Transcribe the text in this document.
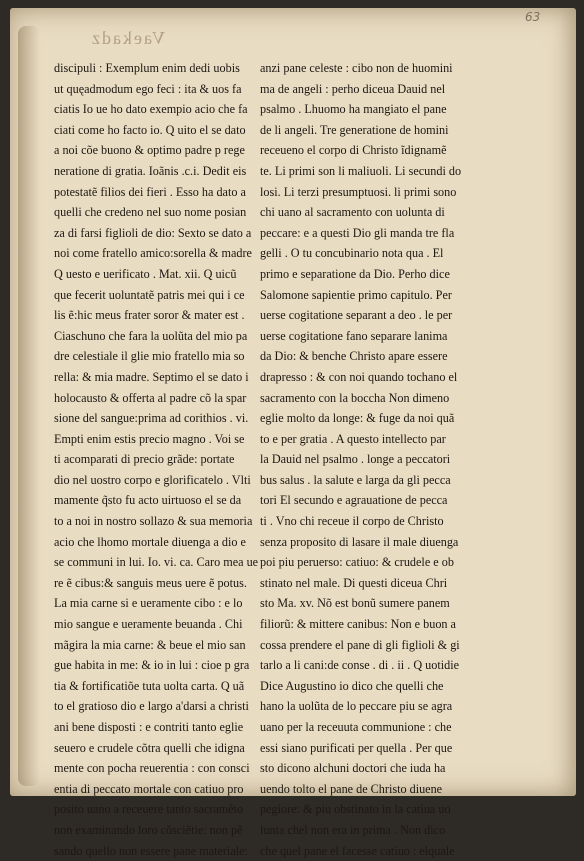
63
Vaekadz
discipuli : Exemplum enim dedi uobis
ut quęadmodum ego feci : ita & uos fa
ciatis Io ue ho dato exempio acio che fa
ciati come ho facto io. Q uito el se dato
a noi cõe buono & optimo padre p rege
neratione di gratia. Ioãnis .c.i. Dedit eis
potestatẽ filios dei fieri . Esso ha dato a
quelli che credeno nel suo nome posian
za di farsi figlioli de dio: Sexto se dato a
noi come fratello amico:sorella & madre
Q uesto e uerificato . Mat. xii. Q uicũ
que fecerit uoluntatẽ patris mei qui i ce
lis ẽ:hic meus frater soror & mater est .
Ciaschuno che fara la uolũta del mio pa
dre celestiale il glie mio fratello mia so
rella: & mia madre. Septimo el se dato i
holocausto & offerta al padre cõ la spar
sione del sangue:prima ad corithios . vi.
Empti enim estis precio magno . Voi se
ti acomparati di precio grãde: portate
dio nel uostro corpo e glorificatelo . Vlti
mamente q̃sto fu acto uirtuoso el se da
to a noi in nostro sollazo & sua memoria
acio che lhomo mortale diuenga a dio e
se communi in lui. Io. vi. ca. Caro mea ue
re ẽ cibus:& sanguis meus uere ẽ potus.
La mia carne si e ueramente cibo : e lo
mio sangue e ueramente beuanda . Chi
mãgira la mia carne: & beue el mio san
gue habita in me: & io in lui : cioe p gra
tia & fortificatiõe tuta uolta carta. Q uã
to el gratioso dio e largo a'darsi a christi
ani bene disposti : e contriti tanto eglie
seuero e crudele cõtra quelli che idigna
mente con pocha reuerentia : con consci
entia di peccato mortale con catiuo pro
posito uano a receuere tanto sacramẽto
non examinando loro cõsciẽtie: non pẽ
sando quello non essere pane materiale:
anzi pane celeste : cibo non de huomini
ma de angeli : perho diceua Dauid nel
psalmo . Lhuomo ha mangiato el pane
de li angeli. Tre generatione de homini
receueno el corpo di Christo ĩdignamẽ
te. Li primi son li maliuoli. Li secundi do
losi. Li terzi presumptuosi. li primi sono
chi uano al sacramento con uolunta di
peccare: e a questi Dio gli manda tre fla
gelli . O tu concubinario nota qua . El
primo e separatione da Dio. Perho dice
Salomone sapientie primo capitulo. Per
uerse cogitatione separant a deo . le per
uerse cogitatione fano separare lanima
da Dio: & benche Christo apare essere
drapresso : & con noi quando tochano el
sacramento con la boccha Non dimeno
eglie molto da longe: & fuge da noi quã
to e per gratia . A questo intellecto par
la Dauid nel psalmo . longe a peccatori
bus salus . la salute e larga da gli pecca
tori El secundo e agrauatione de pecca
ti . Vno chi receue il corpo de Christo
senza proposito di lasare il male diuenga
poi piu peruerso: catiuo: & crudele e ob
stinato nel male. Di questi diceua Chri
sto Ma. xv. Nõ est bonũ sumere panem
filiorũ: & mittere canibus: Non e buon a
cossa prendere el pane di gli figlioli & gi
tarlo a li cani:de conse . di . ii . Q uotidie
Dice Augustino io dico che quelli che
hano la uolũta de lo peccare piu se agra
uano per la receuuta communione : che
essi siano purificati per quella . Per que
sto dicono alchuni doctori che iuda ha
uendo tolto el pane de Christo diuene
pegiore: & piu obstinato in la catiua uo
lunta chel non era in prima . Non dico
che quel pane el facesse catiuo : elquale
